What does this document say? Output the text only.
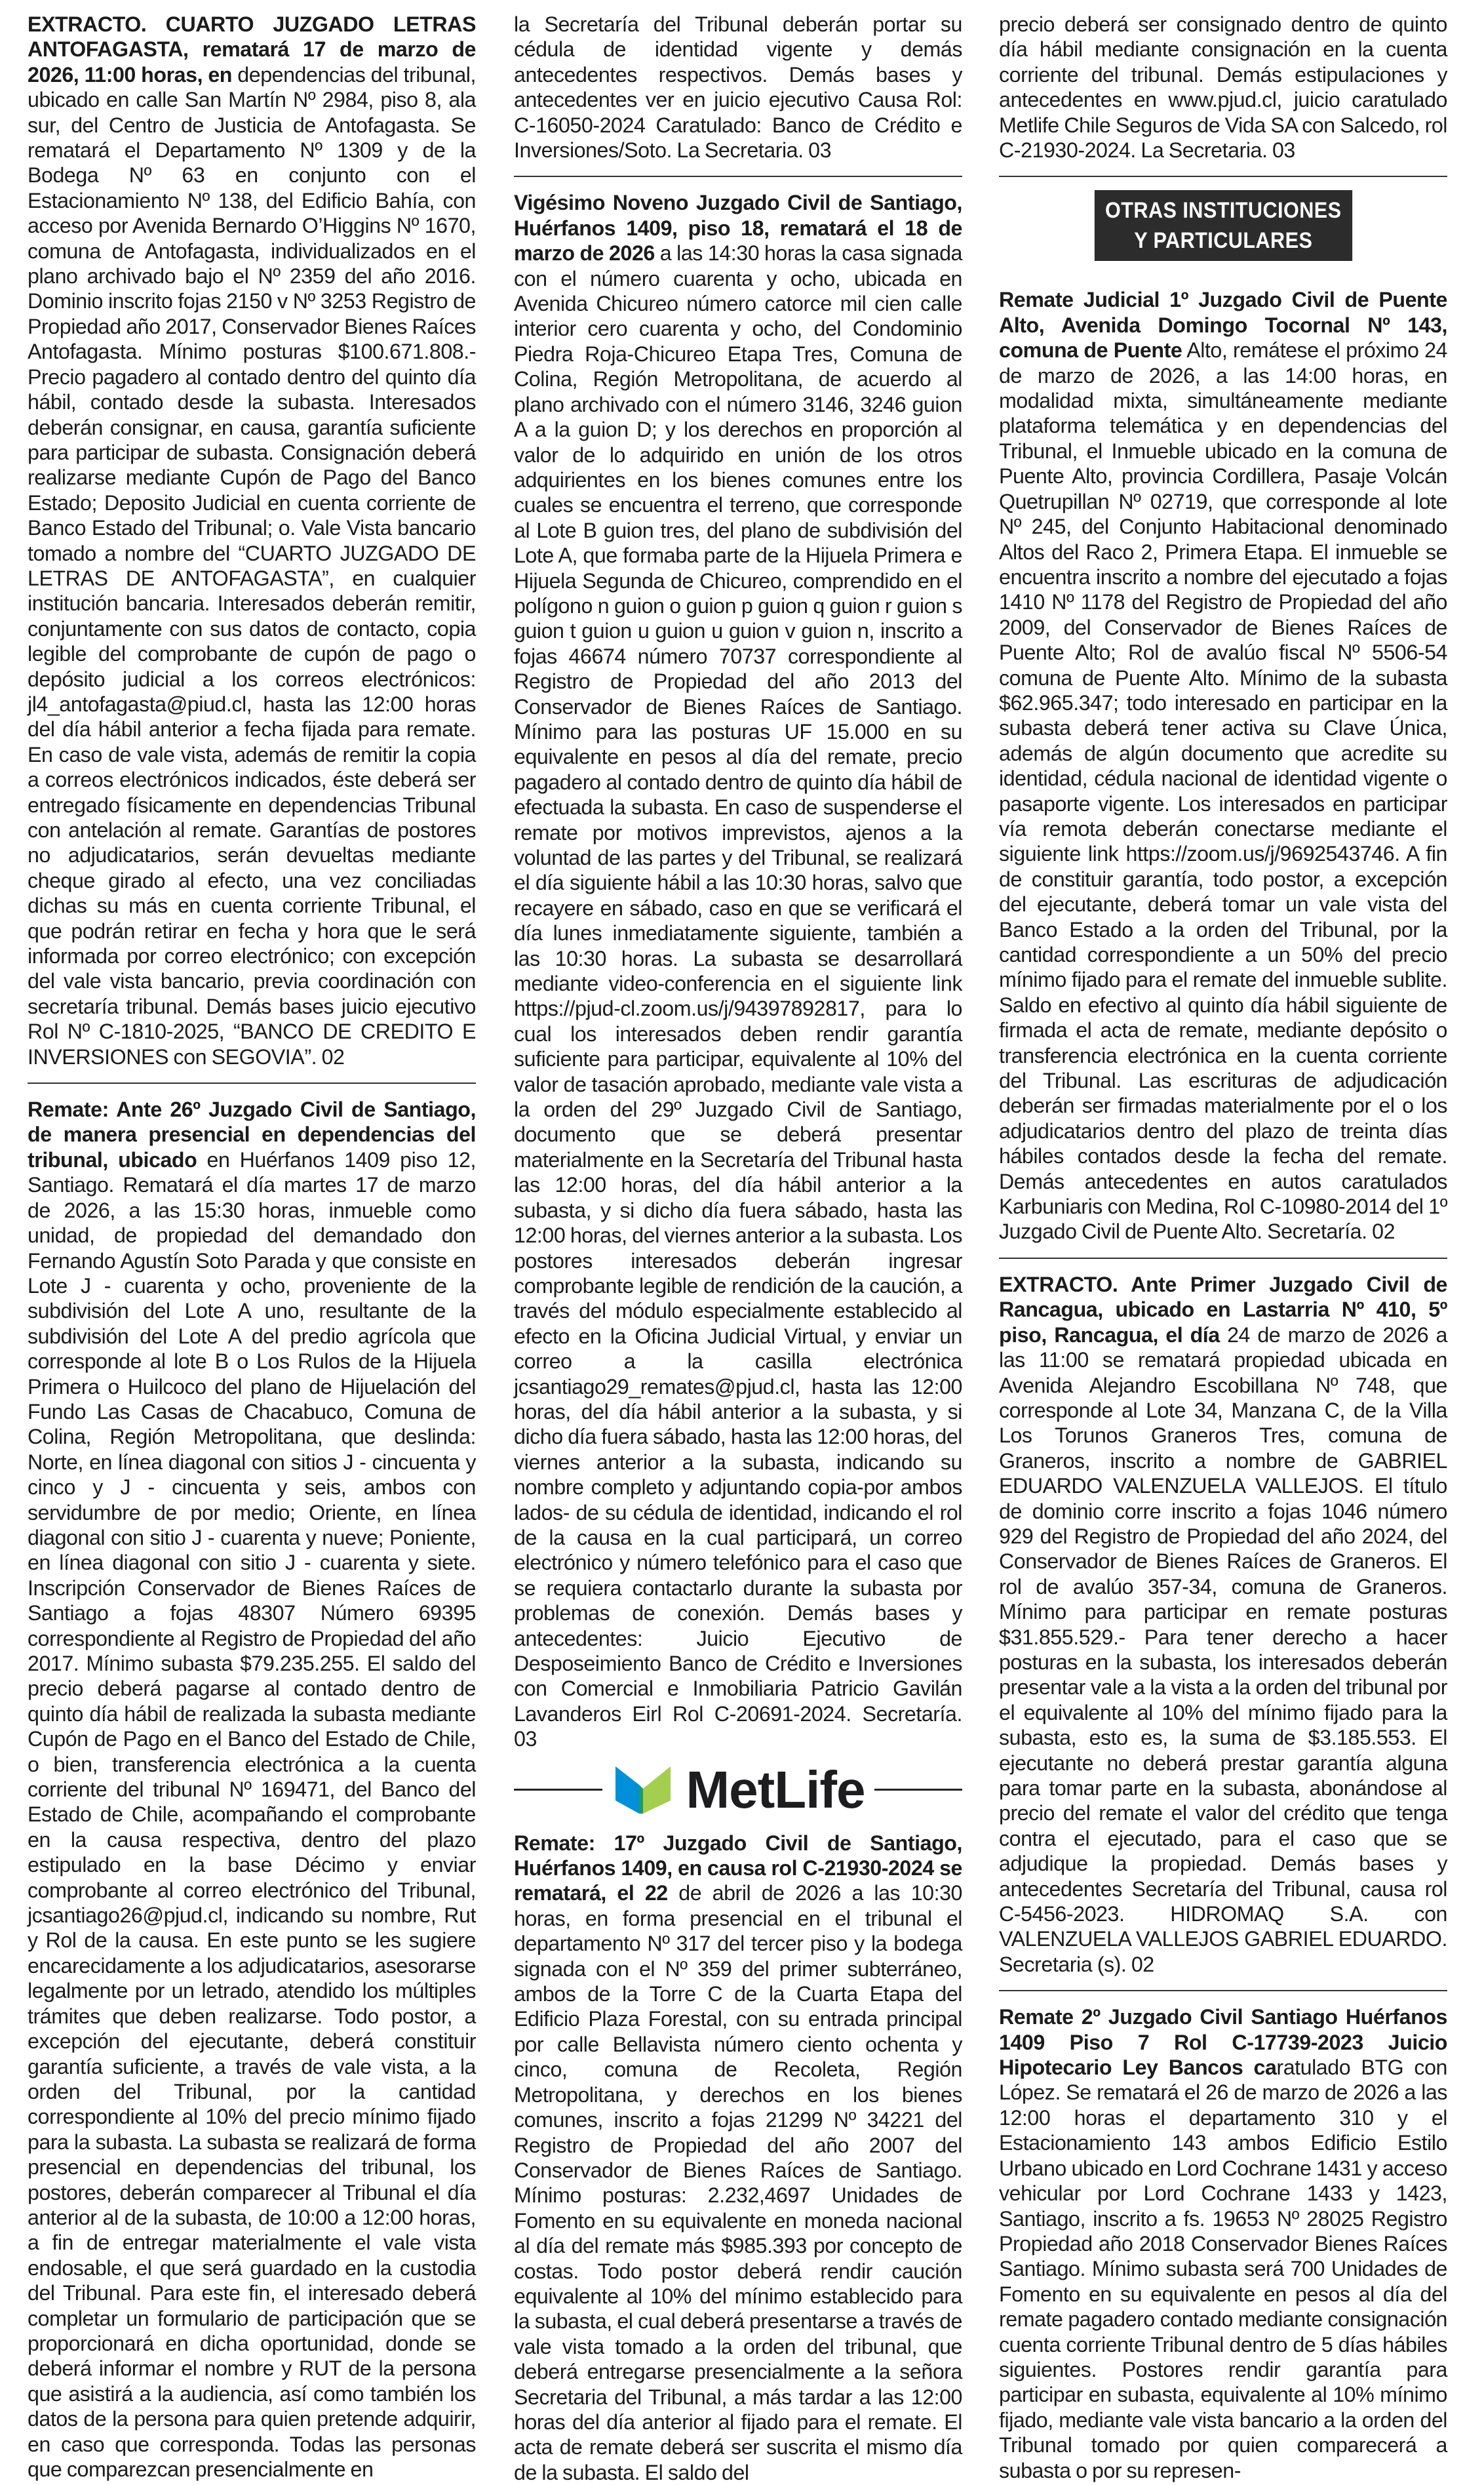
EXTRACTO. CUARTO JUZGADO LETRAS ANTOFAGASTA, rematará 17 de marzo de 2026, 11:00 horas, en dependencias del tribunal, ubicado en calle San Martín Nº 2984, piso 8, ala sur, del Centro de Justicia de Antofagasta. Se rematará el Departamento Nº 1309 y de la Bodega Nº 63 en conjunto con el Estacionamiento Nº 138, del Edificio Bahía, con acceso por Avenida Bernardo O’Higgins Nº 1670, comuna de Antofagasta, individualizados en el plano archivado bajo el Nº 2359 del año 2016. Dominio inscrito fojas 2150 v Nº 3253 Registro de Propiedad año 2017, Conservador Bienes Raíces Antofagasta. Mínimo posturas $100.671.808.- Precio pagadero al contado dentro del quinto día hábil, contado desde la subasta. Interesados deberán consignar, en causa, garantía suficiente para participar de subasta. Consignación deberá realizarse mediante Cupón de Pago del Banco Estado; Deposito Judicial en cuenta corriente de Banco Estado del Tribunal; o. Vale Vista bancario tomado a nombre del “CUARTO JUZGADO DE LETRAS DE ANTOFAGASTA”, en cualquier institución bancaria. Interesados deberán remitir, conjuntamente con sus datos de contacto, copia legible del comprobante de cupón de pago o depósito judicial a los correos electrónicos: jl4_antofagasta@piud.cl, hasta las 12:00 horas del día hábil anterior a fecha fijada para remate. En caso de vale vista, además de remitir la copia a correos electrónicos indicados, éste deberá ser entregado físicamente en dependencias Tribunal con antelación al remate. Garantías de postores no adjudicatarios, serán devueltas mediante cheque girado al efecto, una vez conciliadas dichas su más en cuenta corriente Tribunal, el que podrán retirar en fecha y hora que le será informada por correo electrónico; con excepción del vale vista bancario, previa coordinación con secretaría tribunal. Demás bases juicio ejecutivo Rol Nº C-1810-2025, “BANCO DE CREDITO E INVERSIONES con SEGOVIA”. 02

Remate: Ante 26º Juzgado Civil de Santiago, de manera presencial en dependencias del tribunal, ubicado en Huérfanos 1409 piso 12, Santiago. Rematará el día martes 17 de marzo de 2026, a las 15:30 horas, inmueble como unidad, de propiedad del demandado don Fernando Agustín Soto Parada y que consiste en Lote J - cuarenta y ocho, proveniente de la subdivisión del Lote A uno, resultante de la subdivisión del Lote A del predio agrícola que corresponde al lote B o Los Rulos de la Hijuela Primera o Huilcoco del plano de Hijuelación del Fundo Las Casas de Chacabuco, Comuna de Colina, Región Metropolitana, que deslinda: Norte, en línea diagonal con sitios J - cincuenta y cinco y J - cincuenta y seis, ambos con servidumbre de por medio; Oriente, en línea diagonal con sitio J - cuarenta y nueve; Poniente, en línea diagonal con sitio J - cuarenta y siete. Inscripción Conservador de Bienes Raíces de Santiago a fojas 48307 Número 69395 correspondiente al Registro de Propiedad del año 2017. Mínimo subasta $79.235.255. El saldo del precio deberá pagarse al contado dentro de quinto día hábil de realizada la subasta mediante Cupón de Pago en el Banco del Estado de Chile, o bien, transferencia electrónica a la cuenta corriente del tribunal Nº 169471, del Banco del Estado de Chile, acompañando el comprobante en la causa respectiva, dentro del plazo estipulado en la base Décimo y enviar comprobante al correo electrónico del Tribunal, jcsantiago26@pjud.cl, indicando su nombre, Rut y Rol de la causa. En este punto se les sugiere encarecidamente a los adjudicatarios, asesorarse legalmente por un letrado, atendido los múltiples trámites que deben realizarse. Todo postor, a excepción del ejecutante, deberá constituir garantía suficiente, a través de vale vista, a la orden del Tribunal, por la cantidad correspondiente al 10% del precio mínimo fijado para la subasta. La subasta se realizará de forma presencial en dependencias del tribunal, los postores, deberán comparecer al Tribunal el día anterior al de la subasta, de 10:00 a 12:00 horas, a fin de entregar materialmente el vale vista endosable, el que será guardado en la custodia del Tribunal. Para este fin, el interesado deberá completar un formulario de participación que se proporcionará en dicha oportunidad, donde se deberá informar el nombre y RUT de la persona que asistirá a la audiencia, así como también los datos de la persona para quien pretende adquirir, en caso que corresponda. Todas las personas que comparezcan presencialmente en

la Secretaría del Tribunal deberán portar su cédula de identidad vigente y demás antecedentes respectivos. Demás bases y antecedentes ver en juicio ejecutivo Causa Rol: C-16050-2024 Caratulado: Banco de Crédito e Inversiones/Soto. La Secretaria. 03

Vigésimo Noveno Juzgado Civil de Santiago, Huérfanos 1409, piso 18, rematará el 18 de marzo de 2026 a las 14:30 horas la casa signada con el número cuarenta y ocho, ubicada en Avenida Chicureo número catorce mil cien calle interior cero cuarenta y ocho, del Condominio Piedra Roja-Chicureo Etapa Tres, Comuna de Colina, Región Metropolitana, de acuerdo al plano archivado con el número 3146, 3246 guion A a la guion D; y los derechos en proporción al valor de lo adquirido en unión de los otros adquirientes en los bienes comunes entre los cuales se encuentra el terreno, que corresponde al Lote B guion tres, del plano de subdivisión del Lote A, que formaba parte de la Hijuela Primera e Hijuela Segunda de Chicureo, comprendido en el polígono n guion o guion p guion q guion r guion s guion t guion u guion u guion v guion n, inscrito a fojas 46674 número 70737 correspondiente al Registro de Propiedad del año 2013 del Conservador de Bienes Raíces de Santiago. Mínimo para las posturas UF 15.000 en su equivalente en pesos al día del remate, precio pagadero al contado dentro de quinto día hábil de efectuada la subasta. En caso de suspenderse el remate por motivos imprevistos, ajenos a la voluntad de las partes y del Tribunal, se realizará el día siguiente hábil a las 10:30 horas, salvo que recayere en sábado, caso en que se verificará el día lunes inmediatamente siguiente, también a las 10:30 horas. La subasta se desarrollará mediante video-conferencia en el siguiente link https://pjud-cl.zoom.us/j/94397892817, para lo cual los interesados deben rendir garantía suficiente para participar, equivalente al 10% del valor de tasación aprobado, mediante vale vista a la orden del 29º Juzgado Civil de Santiago, documento que se deberá presentar materialmente en la Secretaría del Tribunal hasta las 12:00 horas, del día hábil anterior a la subasta, y si dicho día fuera sábado, hasta las 12:00 horas, del viernes anterior a la subasta. Los postores interesados deberán ingresar comprobante legible de rendición de la caución, a través del módulo especialmente establecido al efecto en la Oficina Judicial Virtual, y enviar un correo a la casilla electrónica jcsantiago29_remates@pjud.cl, hasta las 12:00 horas, del día hábil anterior a la subasta, y si dicho día fuera sábado, hasta las 12:00 horas, del viernes anterior a la subasta, indicando su nombre completo y adjuntando copia-por ambos lados- de su cédula de identidad, indicando el rol de la causa en la cual participará, un correo electrónico y número telefónico para el caso que se requiera contactarlo durante la subasta por problemas de conexión. Demás bases y antecedentes: Juicio Ejecutivo de Desposeimiento Banco de Crédito e Inversiones con Comercial e Inmobiliaria Patricio Gavilán Lavanderos Eirl Rol C-20691-2024. Secretaría. 03

MetLife

Remate: 17º Juzgado Civil de Santiago, Huérfanos 1409, en causa rol C-21930-2024 se rematará, el 22 de abril de 2026 a las 10:30 horas, en forma presencial en el tribunal el departamento Nº 317 del tercer piso y la bodega signada con el Nº 359 del primer subterráneo, ambos de la Torre C de la Cuarta Etapa del Edificio Plaza Forestal, con su entrada principal por calle Bellavista número ciento ochenta y cinco, comuna de Recoleta, Región Metropolitana, y derechos en los bienes comunes, inscrito a fojas 21299 Nº 34221 del Registro de Propiedad del año 2007 del Conservador de Bienes Raíces de Santiago. Mínimo posturas: 2.232,4697 Unidades de Fomento en su equivalente en moneda nacional al día del remate más $985.393 por concepto de costas. Todo postor deberá rendir caución equivalente al 10% del mínimo establecido para la subasta, el cual deberá presentarse a través de vale vista tomado a la orden del tribunal, que deberá entregarse presencialmente a la señora Secretaria del Tribunal, a más tardar a las 12:00 horas del día anterior al fijado para el remate. El acta de remate deberá ser suscrita el mismo día de la subasta. El saldo del

precio deberá ser consignado dentro de quinto día hábil mediante consignación en la cuenta corriente del tribunal. Demás estipulaciones y antecedentes en www.pjud.cl, juicio caratulado Metlife Chile Seguros de Vida SA con Salcedo, rol C-21930-2024. La Secretaria. 03

OTRAS INSTITUCIONES
Y PARTICULARES

Remate Judicial 1º Juzgado Civil de Puente Alto, Avenida Domingo Tocornal Nº 143, comuna de Puente Alto, remátese el próximo 24 de marzo de 2026, a las 14:00 horas, en modalidad mixta, simultáneamente mediante plataforma telemática y en dependencias del Tribunal, el Inmueble ubicado en la comuna de Puente Alto, provincia Cordillera, Pasaje Volcán Quetrupillan Nº 02719, que corresponde al lote Nº 245, del Conjunto Habitacional denominado Altos del Raco 2, Primera Etapa. El inmueble se encuentra inscrito a nombre del ejecutado a fojas 1410 Nº 1178 del Registro de Propiedad del año 2009, del Conservador de Bienes Raíces de Puente Alto; Rol de avalúo fiscal Nº 5506-54 comuna de Puente Alto. Mínimo de la subasta $62.965.347; todo interesado en participar en la subasta deberá tener activa su Clave Única, además de algún documento que acredite su identidad, cédula nacional de identidad vigente o pasaporte vigente. Los interesados en participar vía remota deberán conectarse mediante el siguiente link https://zoom.us/j/9692543746. A fin de constituir garantía, todo postor, a excepción del ejecutante, deberá tomar un vale vista del Banco Estado a la orden del Tribunal, por la cantidad correspondiente a un 50% del precio mínimo fijado para el remate del inmueble sublite. Saldo en efectivo al quinto día hábil siguiente de firmada el acta de remate, mediante depósito o transferencia electrónica en la cuenta corriente del Tribunal. Las escrituras de adjudicación deberán ser firmadas materialmente por el o los adjudicatarios dentro del plazo de treinta días hábiles contados desde la fecha del remate. Demás antecedentes en autos caratulados Karbuniaris con Medina, Rol C-10980-2014 del 1º Juzgado Civil de Puente Alto. Secretaría. 02

EXTRACTO. Ante Primer Juzgado Civil de Rancagua, ubicado en Lastarria Nº 410, 5º piso, Rancagua, el día 24 de marzo de 2026 a las 11:00 se rematará propiedad ubicada en Avenida Alejandro Escobillana Nº 748, que corresponde al Lote 34, Manzana C, de la Villa Los Torunos Graneros Tres, comuna de Graneros, inscrito a nombre de GABRIEL EDUARDO VALENZUELA VALLEJOS. El título de dominio corre inscrito a fojas 1046 número 929 del Registro de Propiedad del año 2024, del Conservador de Bienes Raíces de Graneros. El rol de avalúo 357-34, comuna de Graneros. Mínimo para participar en remate posturas $31.855.529.- Para tener derecho a hacer posturas en la subasta, los interesados deberán presentar vale a la vista a la orden del tribunal por el equivalente al 10% del mínimo fijado para la subasta, esto es, la suma de $3.185.553. El ejecutante no deberá prestar garantía alguna para tomar parte en la subasta, abonándose al precio del remate el valor del crédito que tenga contra el ejecutado, para el caso que se adjudique la propiedad. Demás bases y antecedentes Secretaría del Tribunal, causa rol C-5456-2023. HIDROMAQ S.A. con VALENZUELA VALLEJOS GABRIEL EDUARDO. Secretaria (s). 02

Remate 2º Juzgado Civil Santiago Huérfanos 1409 Piso 7 Rol C-17739-2023 Juicio Hipotecario Ley Bancos caratulado BTG con López. Se rematará el 26 de marzo de 2026 a las 12:00 horas el departamento 310 y el Estacionamiento 143 ambos Edificio Estilo Urbano ubicado en Lord Cochrane 1431 y acceso vehicular por Lord Cochrane 1433 y 1423, Santiago, inscrito a fs. 19653 Nº 28025 Registro Propiedad año 2018 Conservador Bienes Raíces Santiago. Mínimo subasta será 700 Unidades de Fomento en su equivalente en pesos al día del remate pagadero contado mediante consignación cuenta corriente Tribunal dentro de 5 días hábiles siguientes. Postores rendir garantía para participar en subasta, equivalente al 10% mínimo fijado, mediante vale vista bancario a la orden del Tribunal tomado por quien comparecerá a subasta o por su represen-
